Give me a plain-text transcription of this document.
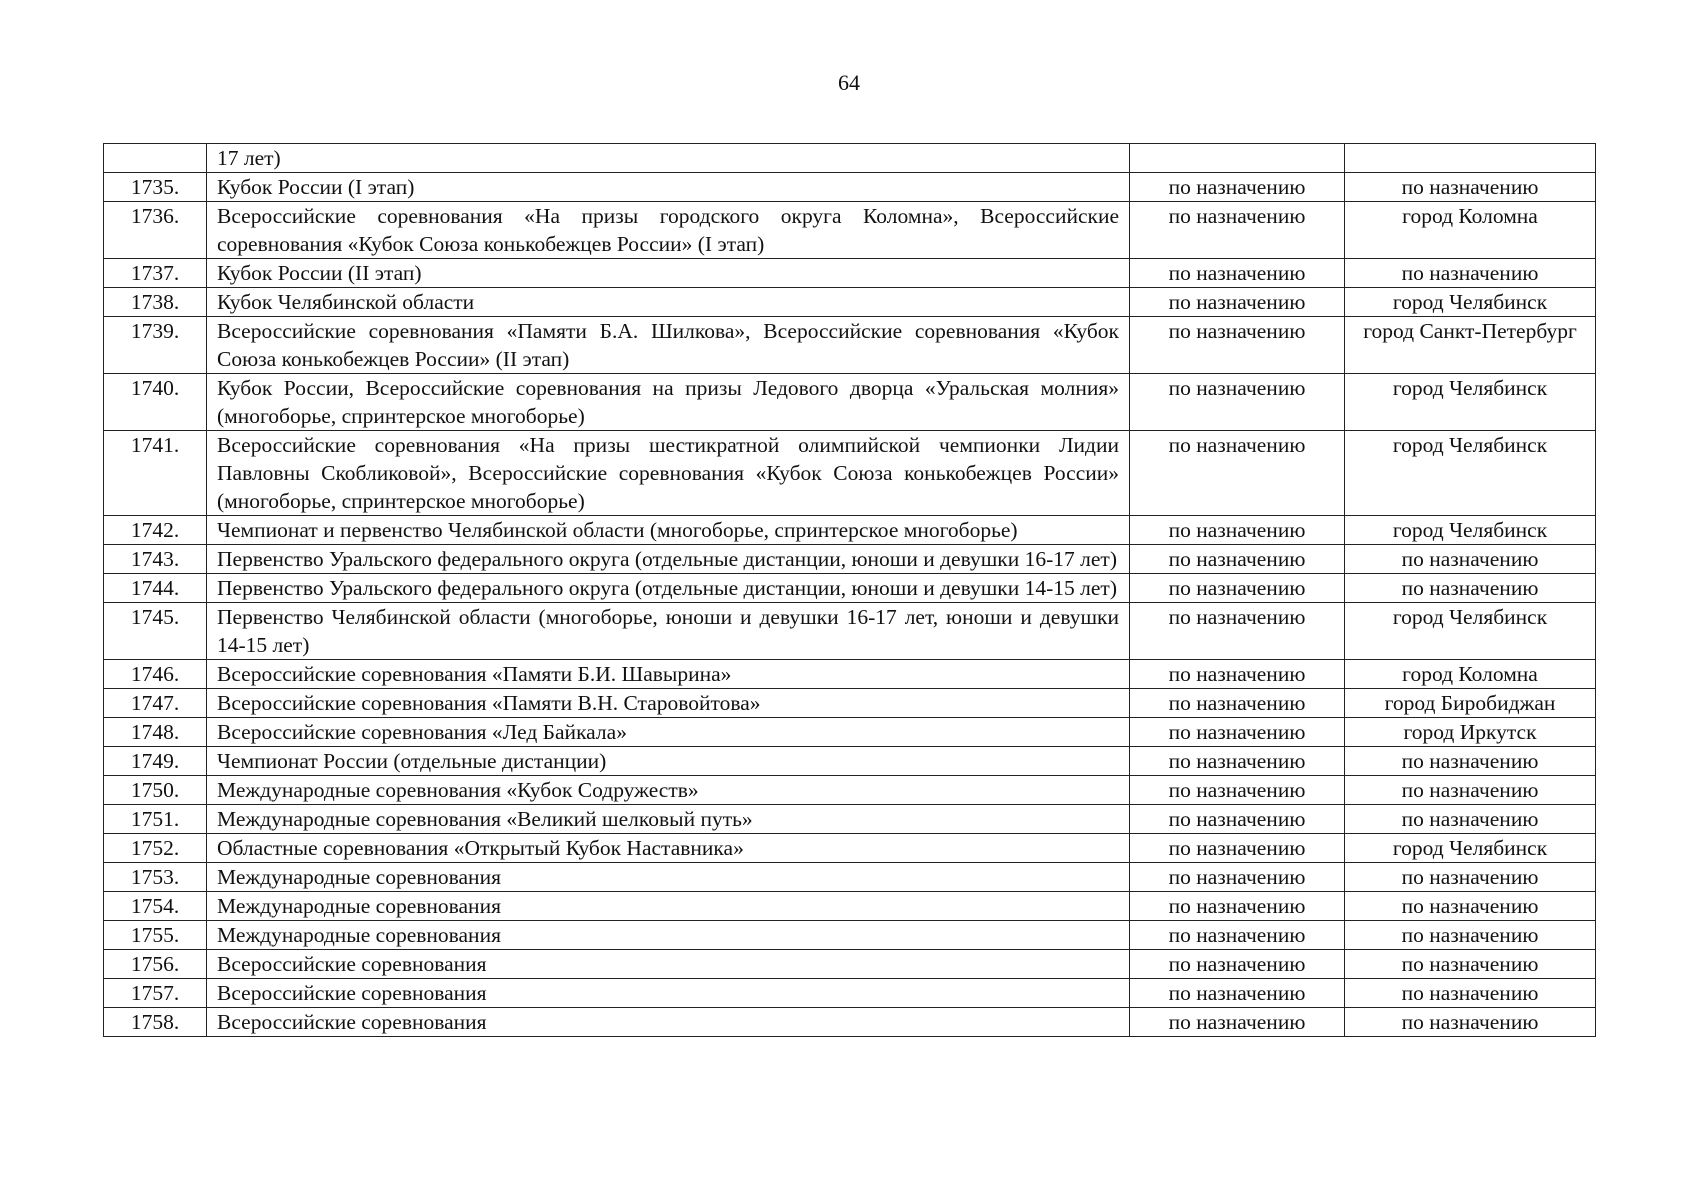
64
	17 лет)		
1735.	Кубок России (I этап)	по назначению	по назначению
1736.	Всероссийские соревнования «На призы городского округа Коломна», Всероссийские соревнования «Кубок Союза конькобежцев России» (I этап)	по назначению	город Коломна
1737.	Кубок России (II этап)	по назначению	по назначению
1738.	Кубок Челябинской области	по назначению	город Челябинск
1739.	Всероссийские соревнования «Памяти Б.А. Шилкова», Всероссийские соревнования «Кубок Союза конькобежцев России» (II этап)	по назначению	город Санкт-Петербург
1740.	Кубок России, Всероссийские соревнования на призы Ледового дворца «Уральская молния» (многоборье, спринтерское многоборье)	по назначению	город Челябинск
1741.	Всероссийские соревнования «На призы шестикратной олимпийской чемпионки Лидии Павловны Скобликовой», Всероссийские соревнования «Кубок Союза конькобежцев России» (многоборье, спринтерское многоборье)	по назначению	город Челябинск
1742.	Чемпионат и первенство Челябинской области (многоборье, спринтерское многоборье)	по назначению	город Челябинск
1743.	Первенство Уральского федерального округа (отдельные дистанции, юноши и девушки 16-17 лет)	по назначению	по назначению
1744.	Первенство Уральского федерального округа (отдельные дистанции, юноши и девушки 14-15 лет)	по назначению	по назначению
1745.	Первенство Челябинской области (многоборье, юноши и девушки 16-17 лет, юноши и девушки 14-15 лет)	по назначению	город Челябинск
1746.	Всероссийские соревнования «Памяти Б.И. Шавырина»	по назначению	город Коломна
1747.	Всероссийские соревнования «Памяти В.Н. Старовойтова»	по назначению	город Биробиджан
1748.	Всероссийские соревнования «Лед Байкала»	по назначению	город Иркутск
1749.	Чемпионат России (отдельные дистанции)	по назначению	по назначению
1750.	Международные соревнования «Кубок Содружеств»	по назначению	по назначению
1751.	Международные соревнования «Великий шелковый путь»	по назначению	по назначению
1752.	Областные соревнования «Открытый Кубок Наставника»	по назначению	город Челябинск
1753.	Международные соревнования	по назначению	по назначению
1754.	Международные соревнования	по назначению	по назначению
1755.	Международные соревнования	по назначению	по назначению
1756.	Всероссийские соревнования	по назначению	по назначению
1757.	Всероссийские соревнования	по назначению	по назначению
1758.	Всероссийские соревнования	по назначению	по назначению
